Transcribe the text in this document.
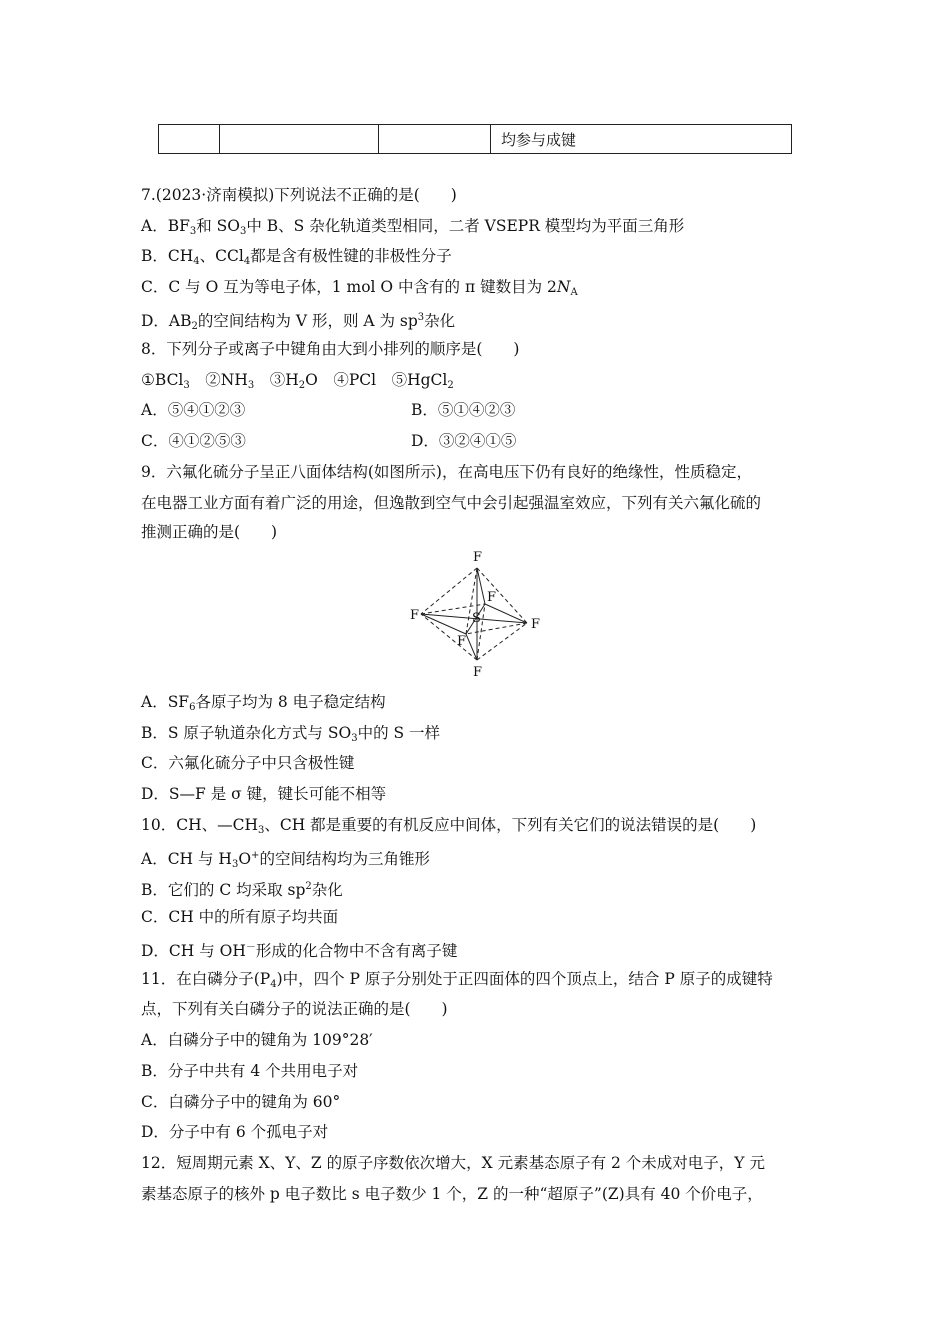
			均参与成键
7.(2023·济南模拟)下列说法不正确的是(　　)
A．$BF_3$和 $SO_3$中 B、S 杂化轨道类型相同，二者 VSEPR 模型均为平面三角形
B．$CH_4$、CCl$_4$都是含有极性键的非极性分子
C．C 与 O 互为等电子体，1 mol O 中含有的 π 键数目为 $2N_A$
D．$AB_2$的空间结构为 V 形，则 A 为 $sp^3$杂化
8．下列分子或离子中键角由大到小排列的顺序是(　　)
①BCl$_3$　$②NH_3$　$③H_2O$　④PCl　⑤HgCl$_2$
A．⑤④①②③	B．⑤①④②③
C．④①②⑤③	D．③②④①⑤
9．六氟化硫分子呈正八面体结构(如图所示)，在高电压下仍有良好的绝缘性，性质稳定，
在电器工业方面有着广泛的用途，但逸散到空气中会引起强温室效应，下列有关六氟化硫的
推测正确的是(　　)
F
F
F
F
F
F
S
A．$SF_6$各原子均为 8 电子稳定结构
B．S 原子轨道杂化方式与 $SO_3$中的 S 一样
C．六氟化硫分子中只含极性键
D．S—F 是 σ 键，键长可能不相等
10．CH、$—CH_3$、CH 都是重要的有机反应中间体，下列有关它们的说法错误的是(　　)
A．CH 与 $H_3O^+$的空间结构均为三角锥形
B．它们的 C 均采取 $sp^2$杂化
C．CH 中的所有原子均共面
D．CH 与 OH－形成的化合物中不含有离子键
11．在白磷分子$(P_4)$中，四个 P 原子分别处于正四面体的四个顶点上，结合 P 原子的成键特
点，下列有关白磷分子的说法正确的是(　　)
A．白磷分子中的键角为 109°28′
B．分子中共有 4 个共用电子对
C．白磷分子中的键角为 60°
D．分子中有 6 个孤电子对
12．短周期元素 X、Y、Z 的原子序数依次增大，X 元素基态原子有 2 个未成对电子，Y 元
素基态原子的核外 p 电子数比 s 电子数少 1 个，Z 的一种“超原子”(Z)具有 40 个价电子，
